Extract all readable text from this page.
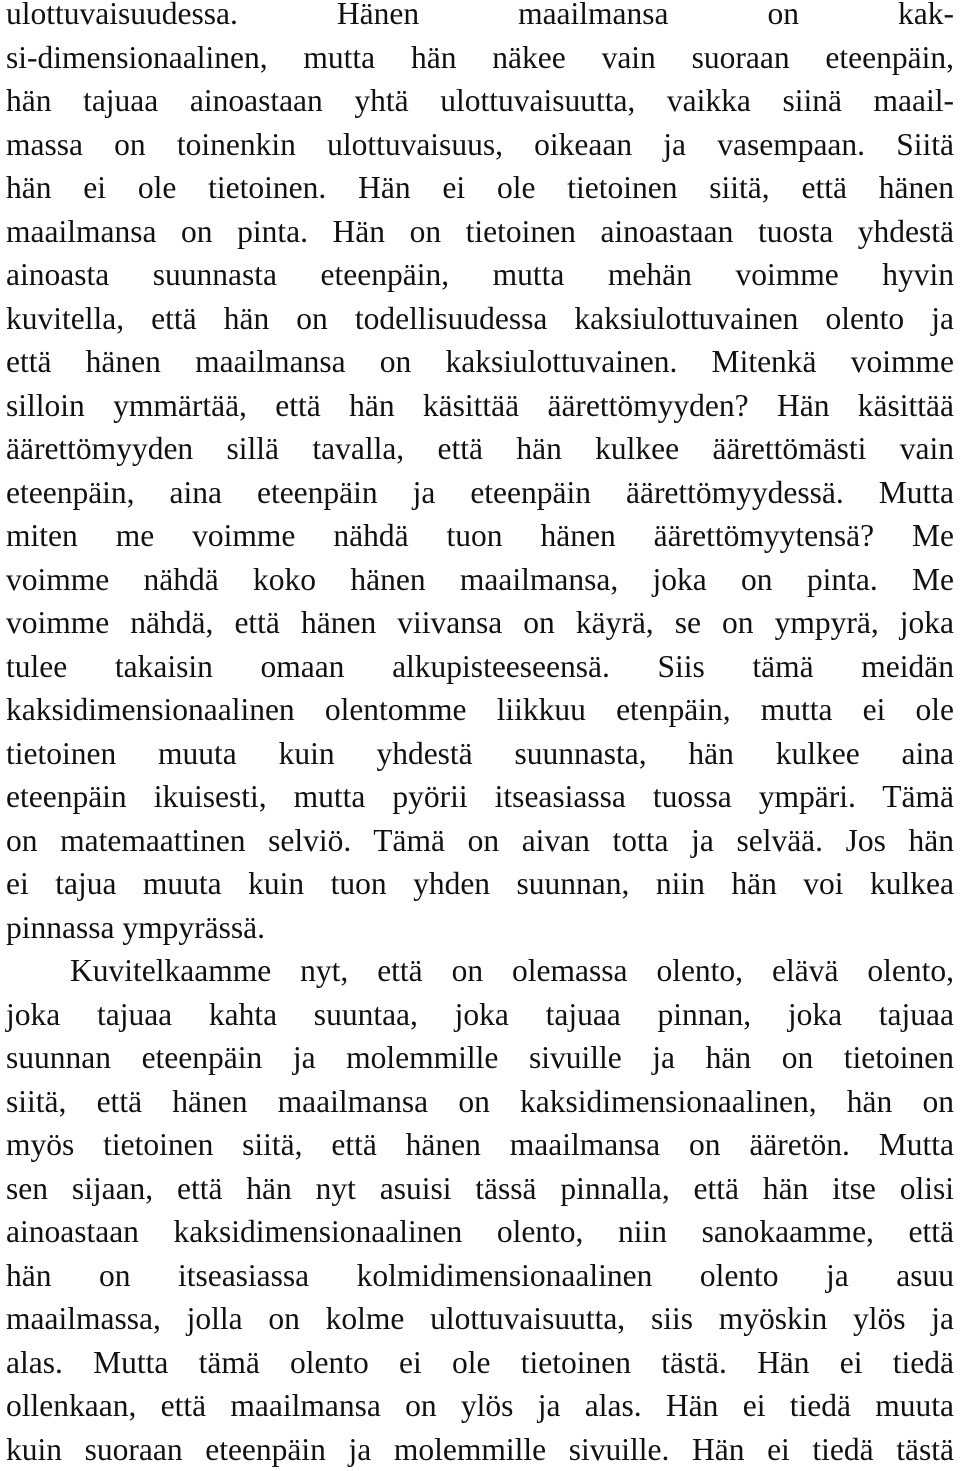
ulottuvaisuudessa. Hänen maailmansa on kak-
si-dimensionaalinen, mutta hän näkee vain suoraan eteenpäin,
hän tajuaa ainoastaan yhtä ulottuvaisuutta, vaikka siinä maail-
massa on toinenkin ulottuvaisuus, oikeaan ja vasempaan. Siitä
hän ei ole tietoinen. Hän ei ole tietoinen siitä, että hänen
maailmansa on pinta. Hän on tietoinen ainoastaan tuosta yhdestä
ainoasta suunnasta eteenpäin, mutta mehän voimme hyvin
kuvitella, että hän on todellisuudessa kaksiulottuvainen olento ja
että hänen maailmansa on kaksiulottuvainen. Mitenkä voimme
silloin ymmärtää, että hän käsittää äärettömyyden? Hän käsittää
äärettömyyden sillä tavalla, että hän kulkee äärettömästi vain
eteenpäin, aina eteenpäin ja eteenpäin äärettömyydessä. Mutta
miten me voimme nähdä tuon hänen äärettömyytensä? Me
voimme nähdä koko hänen maailmansa, joka on pinta. Me
voimme nähdä, että hänen viivansa on käyrä, se on ympyrä, joka
tulee takaisin omaan alkupisteeseensä. Siis tämä meidän
kaksidimensionaalinen olentomme liikkuu etenpäin, mutta ei ole
tietoinen muuta kuin yhdestä suunnasta, hän kulkee aina
eteenpäin ikuisesti, mutta pyörii itseasiassa tuossa ympäri. Tämä
on matemaattinen selviö. Tämä on aivan totta ja selvää. Jos hän
ei tajua muuta kuin tuon yhden suunnan, niin hän voi kulkea
pinnassa ympyrässä.
Kuvitelkaamme nyt, että on olemassa olento, elävä olento,
joka tajuaa kahta suuntaa, joka tajuaa pinnan, joka tajuaa
suunnan eteenpäin ja molemmille sivuille ja hän on tietoinen
siitä, että hänen maailmansa on kaksidimensionaalinen, hän on
myös tietoinen siitä, että hänen maailmansa on ääretön. Mutta
sen sijaan, että hän nyt asuisi tässä pinnalla, että hän itse olisi
ainoastaan kaksidimensionaalinen olento, niin sanokaamme, että
hän on itseasiassa kolmidimensionaalinen olento ja asuu
maailmassa, jolla on kolme ulottuvaisuutta, siis myöskin ylös ja
alas. Mutta tämä olento ei ole tietoinen tästä. Hän ei tiedä
ollenkaan, että maailmansa on ylös ja alas. Hän ei tiedä muuta
kuin suoraan eteenpäin ja molemmille sivuille. Hän ei tiedä tästä
